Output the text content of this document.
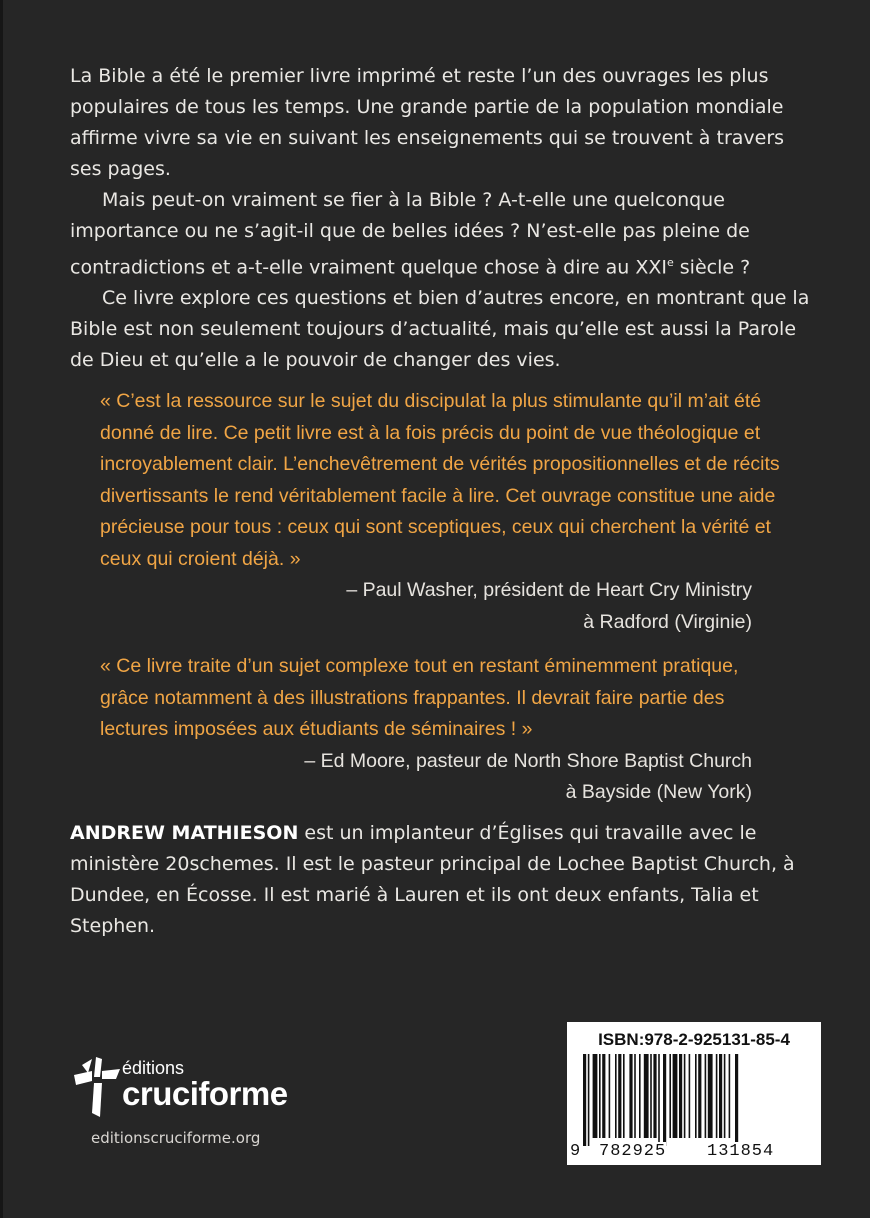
La Bible a été le premier livre imprimé et reste l’un des ouvrages les plus populaires de tous les temps. Une grande partie de la population mondiale affirme vivre sa vie en suivant les enseignements qui se trouvent à travers ses pages.

Mais peut-on vraiment se fier à la Bible ? A-t-elle une quelconque importance ou ne s’agit-il que de belles idées ? N’est-elle pas pleine de contradictions et a-t-elle vraiment quelque chose à dire au XXIe siècle ?

Ce livre explore ces questions et bien d’autres encore, en montrant que la Bible est non seulement toujours d’actualité, mais qu’elle est aussi la Parole de Dieu et qu’elle a le pouvoir de changer des vies.

« C’est la ressource sur le sujet du discipulat la plus stimulante qu’il m’ait été donné de lire. Ce petit livre est à la fois précis du point de vue théologique et incroyablement clair. L’enchevêtrement de vérités propositionnelles et de récits divertissants le rend véritablement facile à lire. Cet ouvrage constitue une aide précieuse pour tous : ceux qui sont sceptiques, ceux qui cherchent la vérité et ceux qui croient déjà. »

– Paul Washer, président de Heart Cry Ministry
à Radford (Virginie)

« Ce livre traite d’un sujet complexe tout en restant éminemment pratique, grâce notamment à des illustrations frappantes. Il devrait faire partie des lectures imposées aux étudiants de séminaires ! »

– Ed Moore, pasteur de North Shore Baptist Church
à Bayside (New York)

ANDREW MATHIESON est un implanteur d’Églises qui travaille avec le ministère 20schemes. Il est le pasteur principal de Lochee Baptist Church, à Dundee, en Écosse. Il est marié à Lauren et ils ont deux enfants, Talia et Stephen.

éditions
cruciforme
editionscruciforme.org
ISBN:978-2-925131-85-4
9 782925 131854
